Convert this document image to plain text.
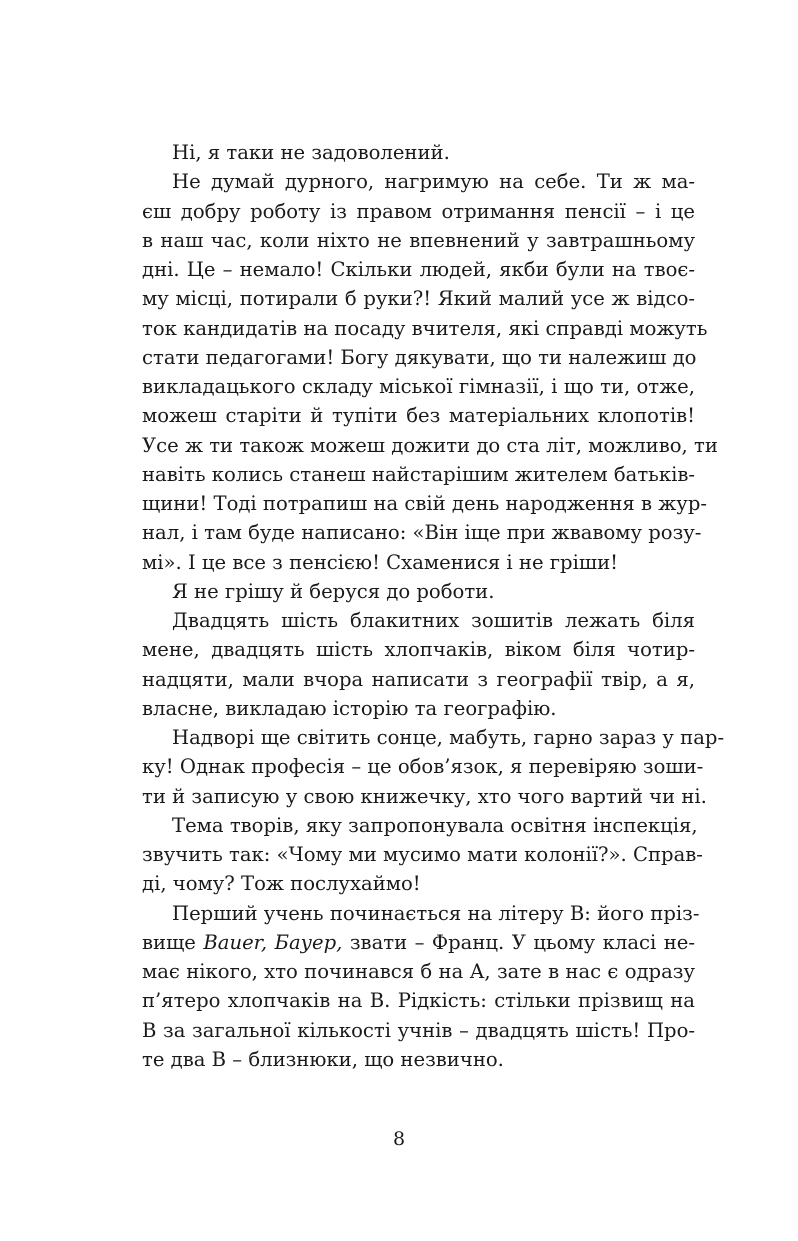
Ні, я таки не задоволений.
Не думай дурного, нагримую на себе. Ти ж ма-
єш добру роботу із правом отримання пенсії – і це
в наш час, коли ніхто не впевнений у завтрашньому
дні. Це – немало! Скільки людей, якби були на твоє-
му місці, потирали б руки?! Який малий усе ж відсо-
ток кандидатів на посаду вчителя, які справді можуть
стати педагогами! Богу дякувати, що ти належиш до
викладацького складу міської гімназії, і що ти, отже,
можеш старіти й тупіти без матеріальних клопотів!
Усе ж ти також можеш дожити до ста літ, можливо, ти
навіть колись станеш найстарішим жителем батьків-
щини! Тоді потрапиш на свій день народження в жур-
нал, і там буде написано: «Він іще при жвавому розу-
мі». І це все з пенсією! Схаменися і не гріши!
Я не грішу й беруся до роботи.
Двадцять шість блакитних зошитів лежать біля
мене, двадцять шість хлопчаків, віком біля чотир-
надцяти, мали вчора написати з географії твір, а я,
власне, викладаю історію та географію.
Надворі ще світить сонце, мабуть, гарно зараз у пар-
ку! Однак професія – це обов’язок, я перевіряю зоши-
ти й записую у свою книжечку, хто чого вартий чи ні.
Тема творів, яку запропонувала освітня інспекція,
звучить так: «Чому ми мусимо мати колонії?». Справ-
ді, чому? Тож послухаймо!
Перший учень починається на літеру В: його пріз-
вище Bauer, Бауер, звати – Франц. У цьому класі не-
має нікого, хто починався б на А, зате в нас є одразу
п’ятеро хлопчаків на В. Рідкість: стільки прізвищ на
В за загальної кількості учнів – двадцять шість! Про-
те два В – близнюки, що незвично.
8
